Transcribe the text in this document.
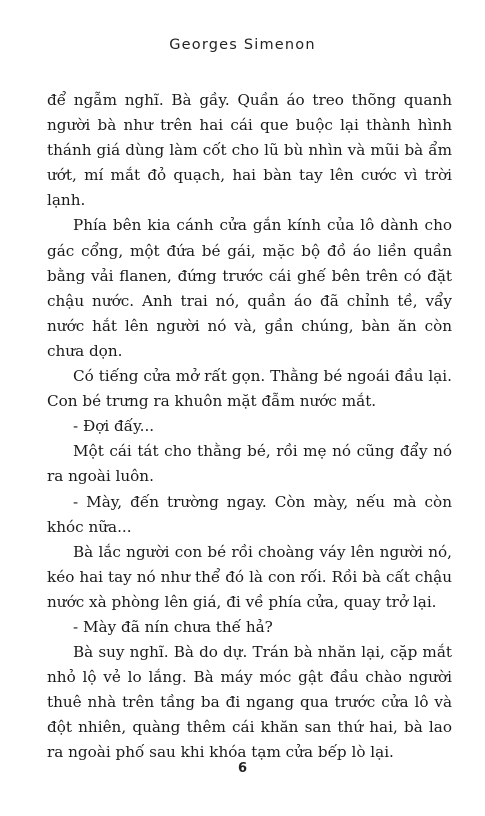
Georges Simenon

để ngẫm nghĩ. Bà gầy. Quần áo treo thõng quanh người bà như trên hai cái que buộc lại thành hình thánh giá dùng làm cốt cho lũ bù nhìn và mũi bà ẩm ướt, mí mắt đỏ quạch, hai bàn tay lên cước vì trời lạnh.

Phía bên kia cánh cửa gắn kính của lô dành cho gác cổng, một đứa bé gái, mặc bộ đồ áo liền quần bằng vải flanen, đứng trước cái ghế bên trên có đặt chậu nước. Anh trai nó, quần áo đã chỉnh tề, vẩy nước hắt lên người nó và, gần chúng, bàn ăn còn chưa dọn.

Có tiếng cửa mở rất gọn. Thằng bé ngoái đầu lại. Con bé trưng ra khuôn mặt đẫm nước mắt.

- Đợi đấy...

Một cái tát cho thằng bé, rồi mẹ nó cũng đẩy nó ra ngoài luôn.

- Mày, đến trường ngay. Còn mày, nếu mà còn khóc nữa...

Bà lắc người con bé rồi choàng váy lên người nó, kéo hai tay nó như thể đó là con rối. Rồi bà cất chậu nước xà phòng lên giá, đi về phía cửa, quay trở lại.

- Mày đã nín chưa thế hả?

Bà suy nghĩ. Bà do dự. Trán bà nhăn lại, cặp mắt nhỏ lộ vẻ lo lắng. Bà máy móc gật đầu chào người thuê nhà trên tầng ba đi ngang qua trước cửa lô và đột nhiên, quàng thêm cái khăn san thứ hai, bà lao ra ngoài phố sau khi khóa tạm cửa bếp lò lại.

6
